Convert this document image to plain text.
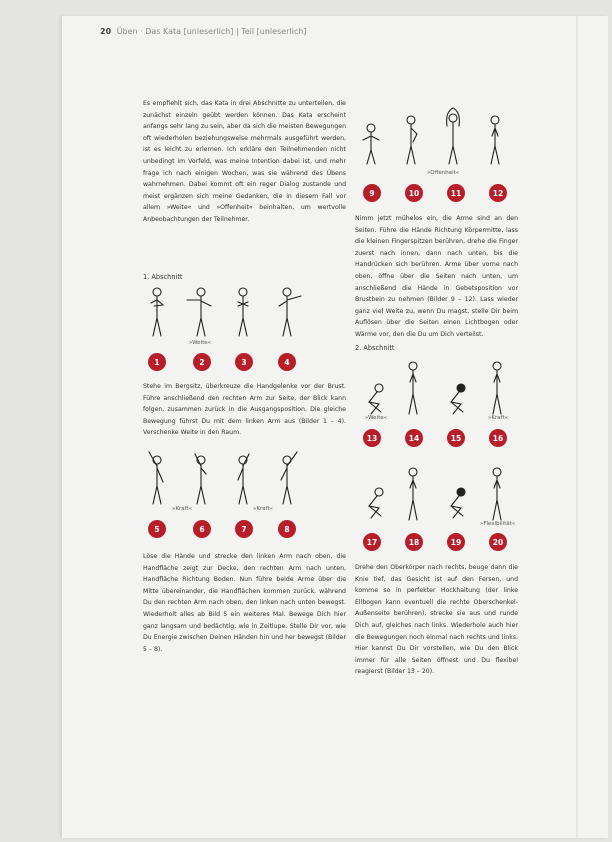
20 Üben · Das Kata [unleserlich] | Teil [unleserlich]
Es empfiehlt sich, das Kata in drei Abschnitte zu unterteilen, die zunächst einzeln geübt werden können. Das Kata erscheint anfangs sehr lang zu sein, aber da sich die meisten Bewegungen oft wiederholen beziehungsweise mehrmals ausgeführt werden, ist es leicht zu erlernen. Ich erkläre den Teilnehmenden nicht unbedingt im Vorfeld, was meine Intention dabei ist, und mehr frage ich nach einigen Wochen, was sie während des Übens wahrnehmen. Dabei kommt oft ein reger Dialog zustande und meist ergänzen sich meine Gedanken, die in diesem Fall vor allem »Weite« und »Offenheit« beinhalten, um wertvolle Anbeobachtungen der Teilnehmer.
1. Abschnitt
»Weite«
1	2	3	4
Stehe im Bergsitz, überkreuze die Handgelenke vor der Brust. Führe anschließend den rechten Arm zur Seite, der Blick kann folgen, zusammen zurück in die Ausgangsposition. Die gleiche Bewegung führst Du mit dem linken Arm aus (Bilder 1 – 4). Verschenke Weite in den Raum.
»Kraft«	»Kraft«
5	6	7	8
Löse die Hände und strecke den linken Arm nach oben, die Handfläche zeigt zur Decke, den rechten Arm nach unten, Handfläche Richtung Boden. Nun führe beide Arme über die Mitte übereinander, die Handflächen kommen zurück, während Du den rechten Arm nach oben, den linken nach unten bewegst. Wiederholt alles ab Bild 5 ein weiteres Mal. Bewege Dich hier ganz langsam und bedächtig, wie in Zeitlupe. Stelle Dir vor, wie Du Energie zwischen Deinen Händen hin und her bewegst (Bilder 5 – 8).
»Offenheit«
9	10	11	12
Nimm jetzt mühelos ein, die Arme sind an den Seiten. Führe die Hände Richtung Körpermitte, lass die kleinen Fingerspitzen berühren, drehe die Finger zuerst nach innen, dann nach unten, bis die Handrücken sich berühren. Arme über vorne nach oben, öffne über die Seiten nach unten, um anschließend die Hände in Gebetsposition vor Brustbein zu nehmen (Bilder 9 – 12). Lass wieder ganz viel Weite zu, wenn Du magst, stelle Dir beim Auflösen über die Seiten einen Lichtbogen oder Wärme vor, den die Du um Dich verteilst.
2. Abschnitt
»Weite«	»Kraft«
13	14	15	16
»Flexibilität«
17	18	19	20
Drehe den Oberkörper nach rechts, beuge dann die Knie tief, das Gesicht ist auf den Fersen, und komme so in perfekter Hockhaltung (der linke Ellbogen kann eventuell die rechte Oberschenkel-Außenseite berühren), strecke sie aus und runde Dich auf, gleiches nach links. Wiederhole auch hier die Bewegungen noch einmal nach rechts und links. Hier kannst Du Dir vorstellen, wie Du den Blick immer für alle Seiten öffnest und Du flexibel reagierst (Bilder 13 – 20).
